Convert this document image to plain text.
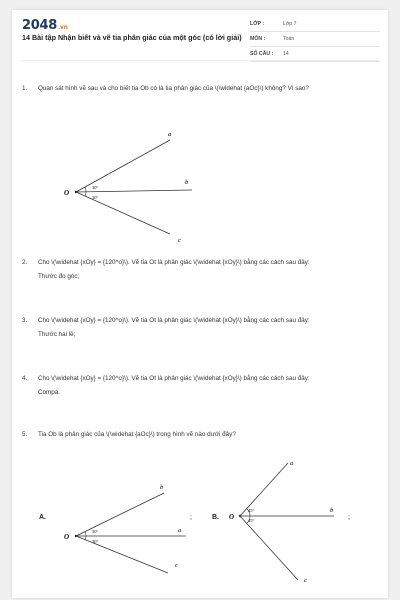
2048.vn
14 Bài tập Nhận biết và vẽ tia phân giác của một góc (có lời giải)
LỚP :	Lớp 7
MÔN :	Toán
SỐ CÂU :	14
1. Quan sát hình vẽ sau và cho biết tia Ob có là tia phân giác của \(\widehat {aOc}\) không? Vì sao?
O
a
b
c
30°
30°
2. Cho \(\widehat {xOy} = {120^o}\). Vẽ tia Ot là phân giác \(\widehat {xOy}\) bằng các cách sau đây:
Thước đo góc;
3. Cho \(\widehat {xOy} = {120^o}\). Vẽ tia Ot là phân giác \(\widehat {xOy}\) bằng các cách sau đây:
Thước hai lề;
4. Cho \(\widehat {xOy} = {120^o}\). Vẽ tia Ot là phân giác \(\widehat {xOy}\) bằng các cách sau đây:
Compa.
5. Tia Ob là phân giác của \(\widehat {aOc}\) trong hình vẽ nào dưới đây?
A.
O
b
a
c
30°
30°
;	B. O
a
b
c
45°
45°	;
